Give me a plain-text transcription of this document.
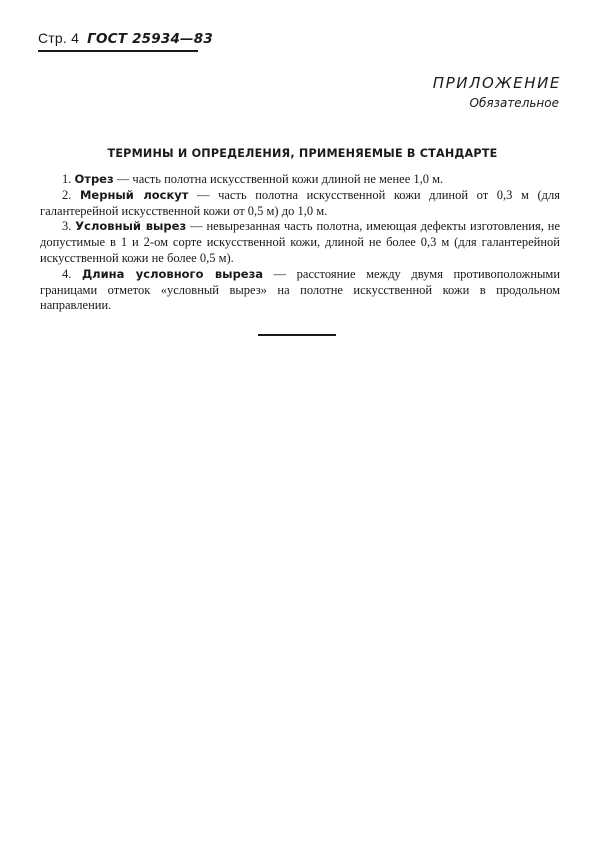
Стр. 4 ГОСТ 25934—83
ПРИЛОЖЕНИЕ
Обязательное
ТЕРМИНЫ И ОПРЕДЕЛЕНИЯ, ПРИМЕНЯЕМЫЕ В СТАНДАРТЕ

1. Отрез — часть полотна искусственной кожи длиной не менее 1,0 м.

2. Мерный лоскут — часть полотна искусственной кожи длиной от 0,3 м (для галантерейной искусственной кожи от 0,5 м) до 1,0 м.

3. Условный вырез — невырезанная часть полотна, имеющая дефекты изготовления, не допустимые в 1 и 2-ом сорте искусственной кожи, длиной не более 0,3 м (для галантерейной искусственной кожи не более 0,5 м).

4. Длина условного выреза — расстояние между двумя противоположными границами отметок «условный вырез» на полотне искусственной кожи в продольном направлении.
